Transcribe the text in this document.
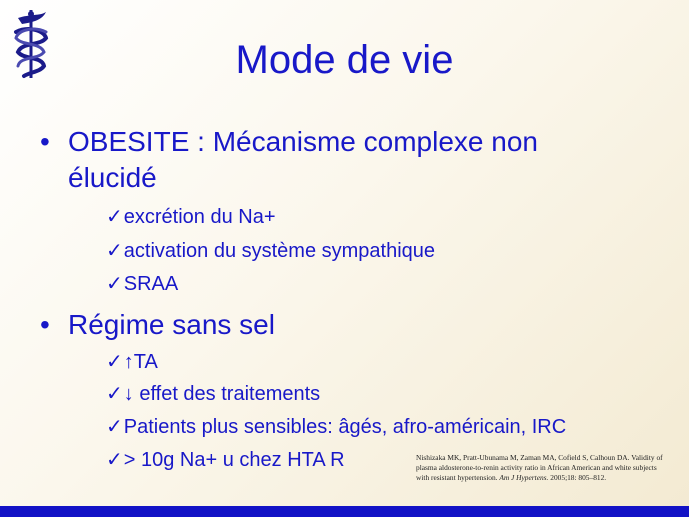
Mode de vie
• OBESITE : Mécanisme complexe non
élucidé
✓excrétion du Na+
✓activation du système sympathique
✓SRAA
• Régime sans sel
✓↑TA
✓↓ effet des traitements
✓Patients plus sensibles: âgés, afro-américain, IRC
✓> 10g Na+ u chez HTA R	Nishizaka MK, Pratt-Ubunama M, Zaman MA, Cofield S, Calhoun DA. Validity of plasma aldosterone-to-renin activity ratio in African American and white subjects with resistant hypertension. Am J Hypertens. 2005;18: 805–812.
